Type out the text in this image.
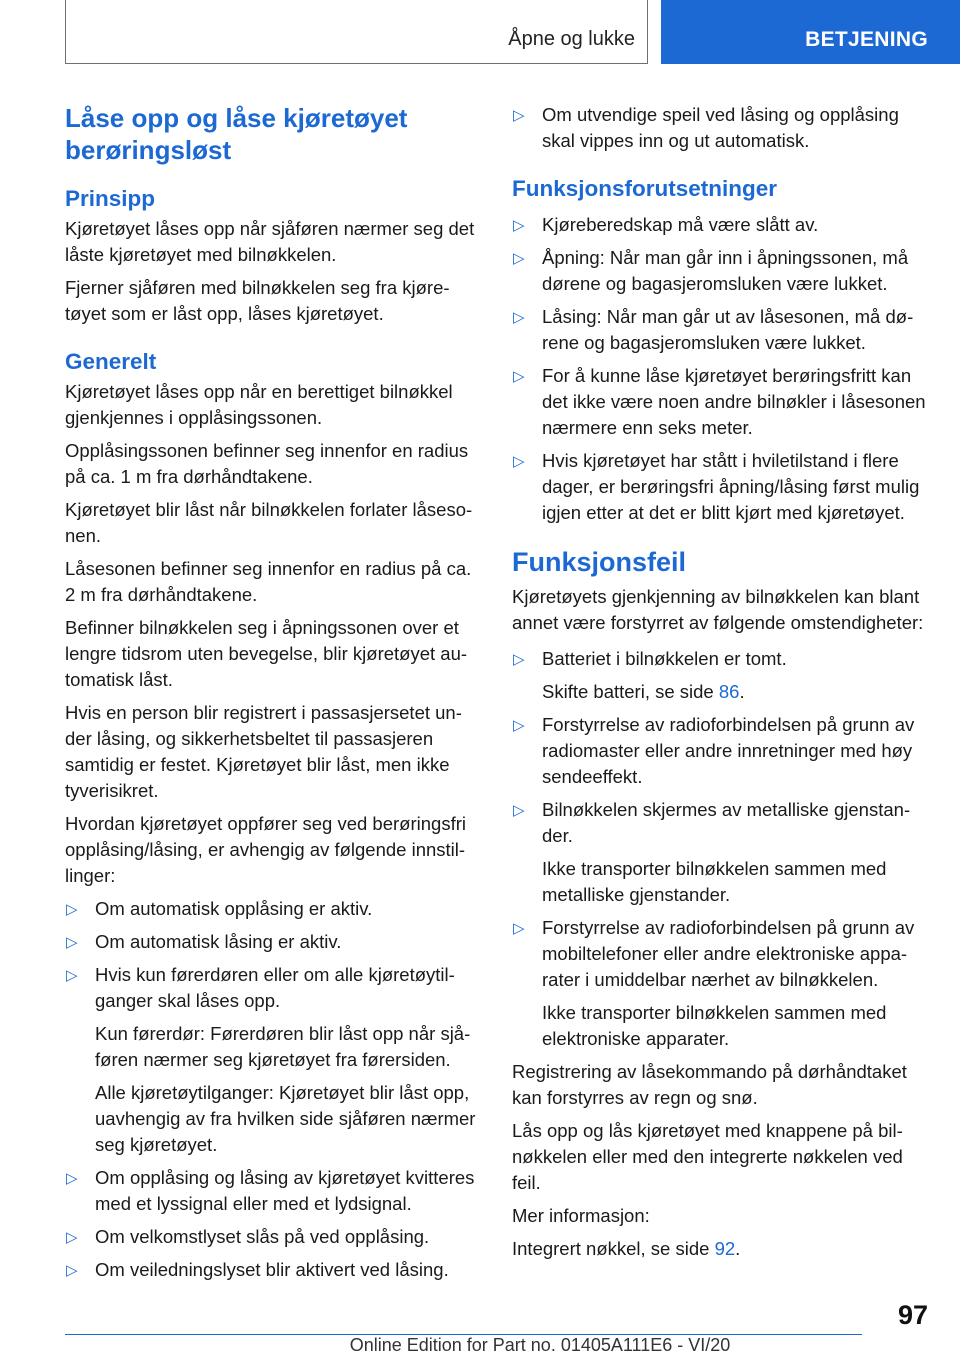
Åpne og lukke	BETJENING
Låse opp og låse kjøretøyet berøringsløst
Prinsipp

Kjøretøyet låses opp når sjåføren nærmer seg det låste kjøretøyet med bilnøkkelen.

Fjerner sjåføren med bilnøkkelen seg fra kjøretøyet som er låst opp, låses kjøretøyet.

Generelt

Kjøretøyet låses opp når en berettiget bilnøkkel gjenkjennes i opplåsingssonen.

Opplåsingssonen befinner seg innenfor en radius på ca. 1 m fra dørhåndtakene.

Kjøretøyet blir låst når bilnøkkelen forlater låsesonen.

Låsesonen befinner seg innenfor en radius på ca. 2 m fra dørhåndtakene.

Befinner bilnøkkelen seg i åpningssonen over et lengre tidsrom uten bevegelse, blir kjøretøyet automatisk låst.

Hvis en person blir registrert i passasjersetet under låsing, og sikkerhetsbeltet til passasjeren samtidig er festet. Kjøretøyet blir låst, men ikke tyverisikret.

Hvordan kjøretøyet oppfører seg ved berøringsfri opplåsing/låsing, er avhengig av følgende innstillinger:

▷ Om automatisk opplåsing er aktiv.

▷ Om automatisk låsing er aktiv.

▷ Hvis kun førerdøren eller om alle kjøretøytilganger skal låses opp.

Kun førerdør: Førerdøren blir låst opp når sjåføren nærmer seg kjøretøyet fra førersiden.

Alle kjøretøytilganger: Kjøretøyet blir låst opp, uavhengig av fra hvilken side sjåføren nærmer seg kjøretøyet.

▷ Om opplåsing og låsing av kjøretøyet kvitteres med et lyssignal eller med et lydsignal.

▷ Om velkomstlyset slås på ved opplåsing.

▷ Om veiledningslyset blir aktivert ved låsing.

▷ Om utvendige speil ved låsing og opplåsing skal vippes inn og ut automatisk.

Funksjonsforutsetninger
▷ Kjøreberedskap må være slått av.

▷ Åpning: Når man går inn i åpningssonen, må dørene og bagasjeromsluken være lukket.

▷ Låsing: Når man går ut av låsesonen, må dørene og bagasjeromsluken være lukket.

▷ For å kunne låse kjøretøyet berøringsfritt kan det ikke være noen andre bilnøkler i låsesonen nærmere enn seks meter.

▷ Hvis kjøretøyet har stått i hviletilstand i flere dager, er berøringsfri åpning/låsing først mulig igjen etter at det er blitt kjørt med kjøretøyet.

Funksjonsfeil

Kjøretøyets gjenkjenning av bilnøkkelen kan blant annet være forstyrret av følgende omstendigheter:

▷ Batteriet i bilnøkkelen er tomt.

Skifte batteri, se side 86.

▷ Forstyrrelse av radioforbindelsen på grunn av radiomaster eller andre innretninger med høy sendeeffekt.

▷ Bilnøkkelen skjermes av metalliske gjenstander.

Ikke transporter bilnøkkelen sammen med metalliske gjenstander.

▷ Forstyrrelse av radioforbindelsen på grunn av mobiltelefoner eller andre elektroniske apparater i umiddelbar nærhet av bilnøkkelen.

Ikke transporter bilnøkkelen sammen med elektroniske apparater.

Registrering av låsekommando på dørhåndtaket kan forstyrres av regn og snø.

Lås opp og lås kjøretøyet med knappene på bilnøkkelen eller med den integrerte nøkkelen ved feil.

Mer informasjon:

Integrert nøkkel, se side 92.

97
Online Edition for Part no. 01405A111E6 - VI/20
